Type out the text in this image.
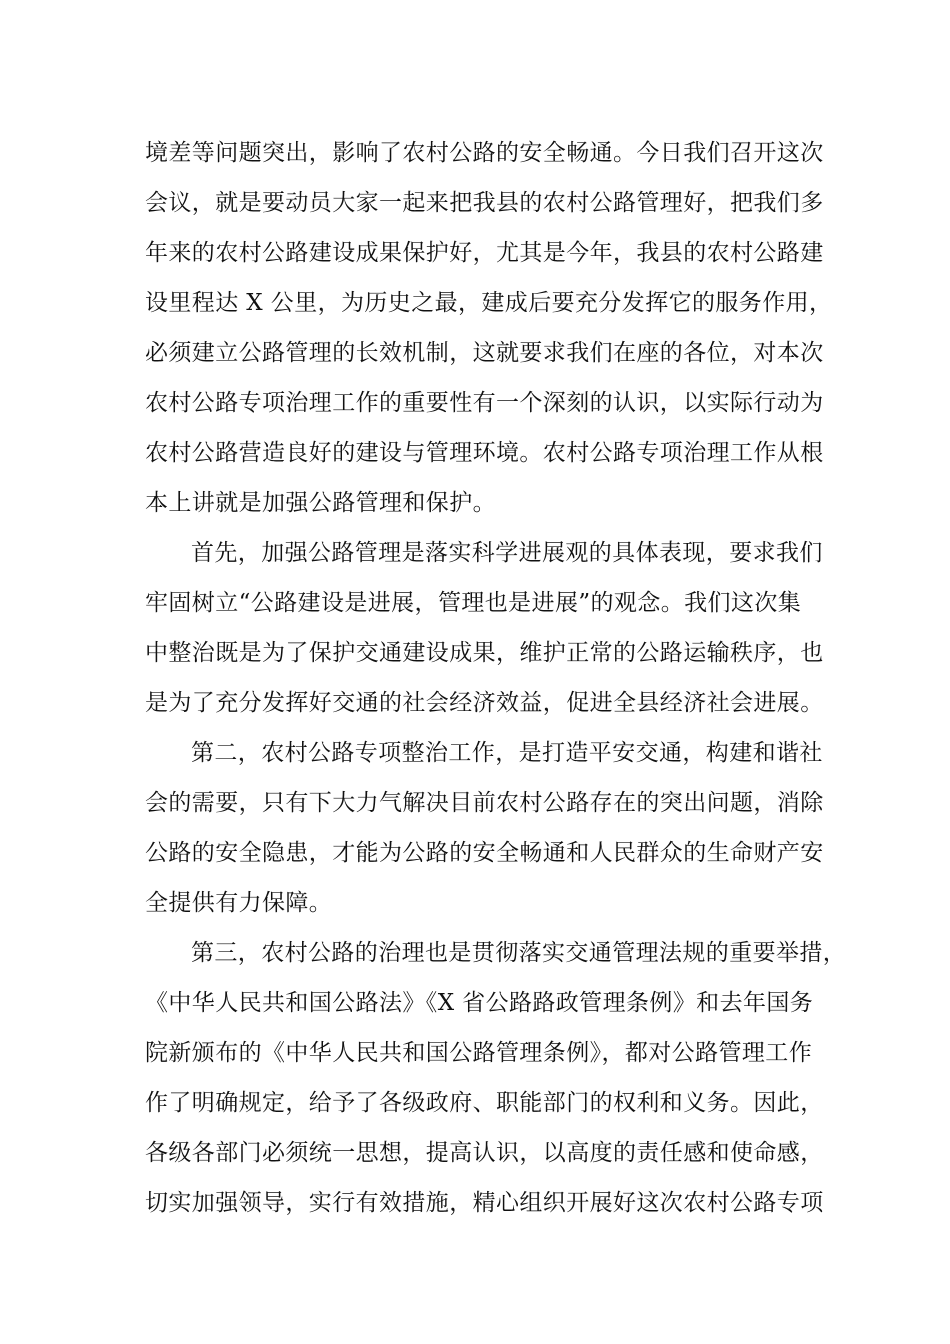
境差等问题突出，影响了农村公路的安全畅通。今日我们召开这次
会议，就是要动员大家一起来把我县的农村公路管理好，把我们多
年来的农村公路建设成果保护好，尤其是今年，我县的农村公路建
设里程达 X 公里，为历史之最，建成后要充分发挥它的服务作用，
必须建立公路管理的长效机制，这就要求我们在座的各位，对本次
农村公路专项治理工作的重要性有一个深刻的认识，以实际行动为
农村公路营造良好的建设与管理环境。农村公路专项治理工作从根
本上讲就是加强公路管理和保护。
首先，加强公路管理是落实科学进展观的具体表现，要求我们
牢固树立“公路建设是进展，管理也是进展”的观念。我们这次集
中整治既是为了保护交通建设成果，维护正常的公路运输秩序，也
是为了充分发挥好交通的社会经济效益，促进全县经济社会进展。
第二，农村公路专项整治工作，是打造平安交通，构建和谐社
会的需要，只有下大力气解决目前农村公路存在的突出问题，消除
公路的安全隐患，才能为公路的安全畅通和人民群众的生命财产安
全提供有力保障。
第三，农村公路的治理也是贯彻落实交通管理法规的重要举措，
《中华人民共和国公路法》《X 省公路路政管理条例》和去年国务
院新颁布的《中华人民共和国公路管理条例》，都对公路管理工作
作了明确规定，给予了各级政府、职能部门的权利和义务。因此，
各级各部门必须统一思想，提高认识，以高度的责任感和使命感，
切实加强领导，实行有效措施，精心组织开展好这次农村公路专项
